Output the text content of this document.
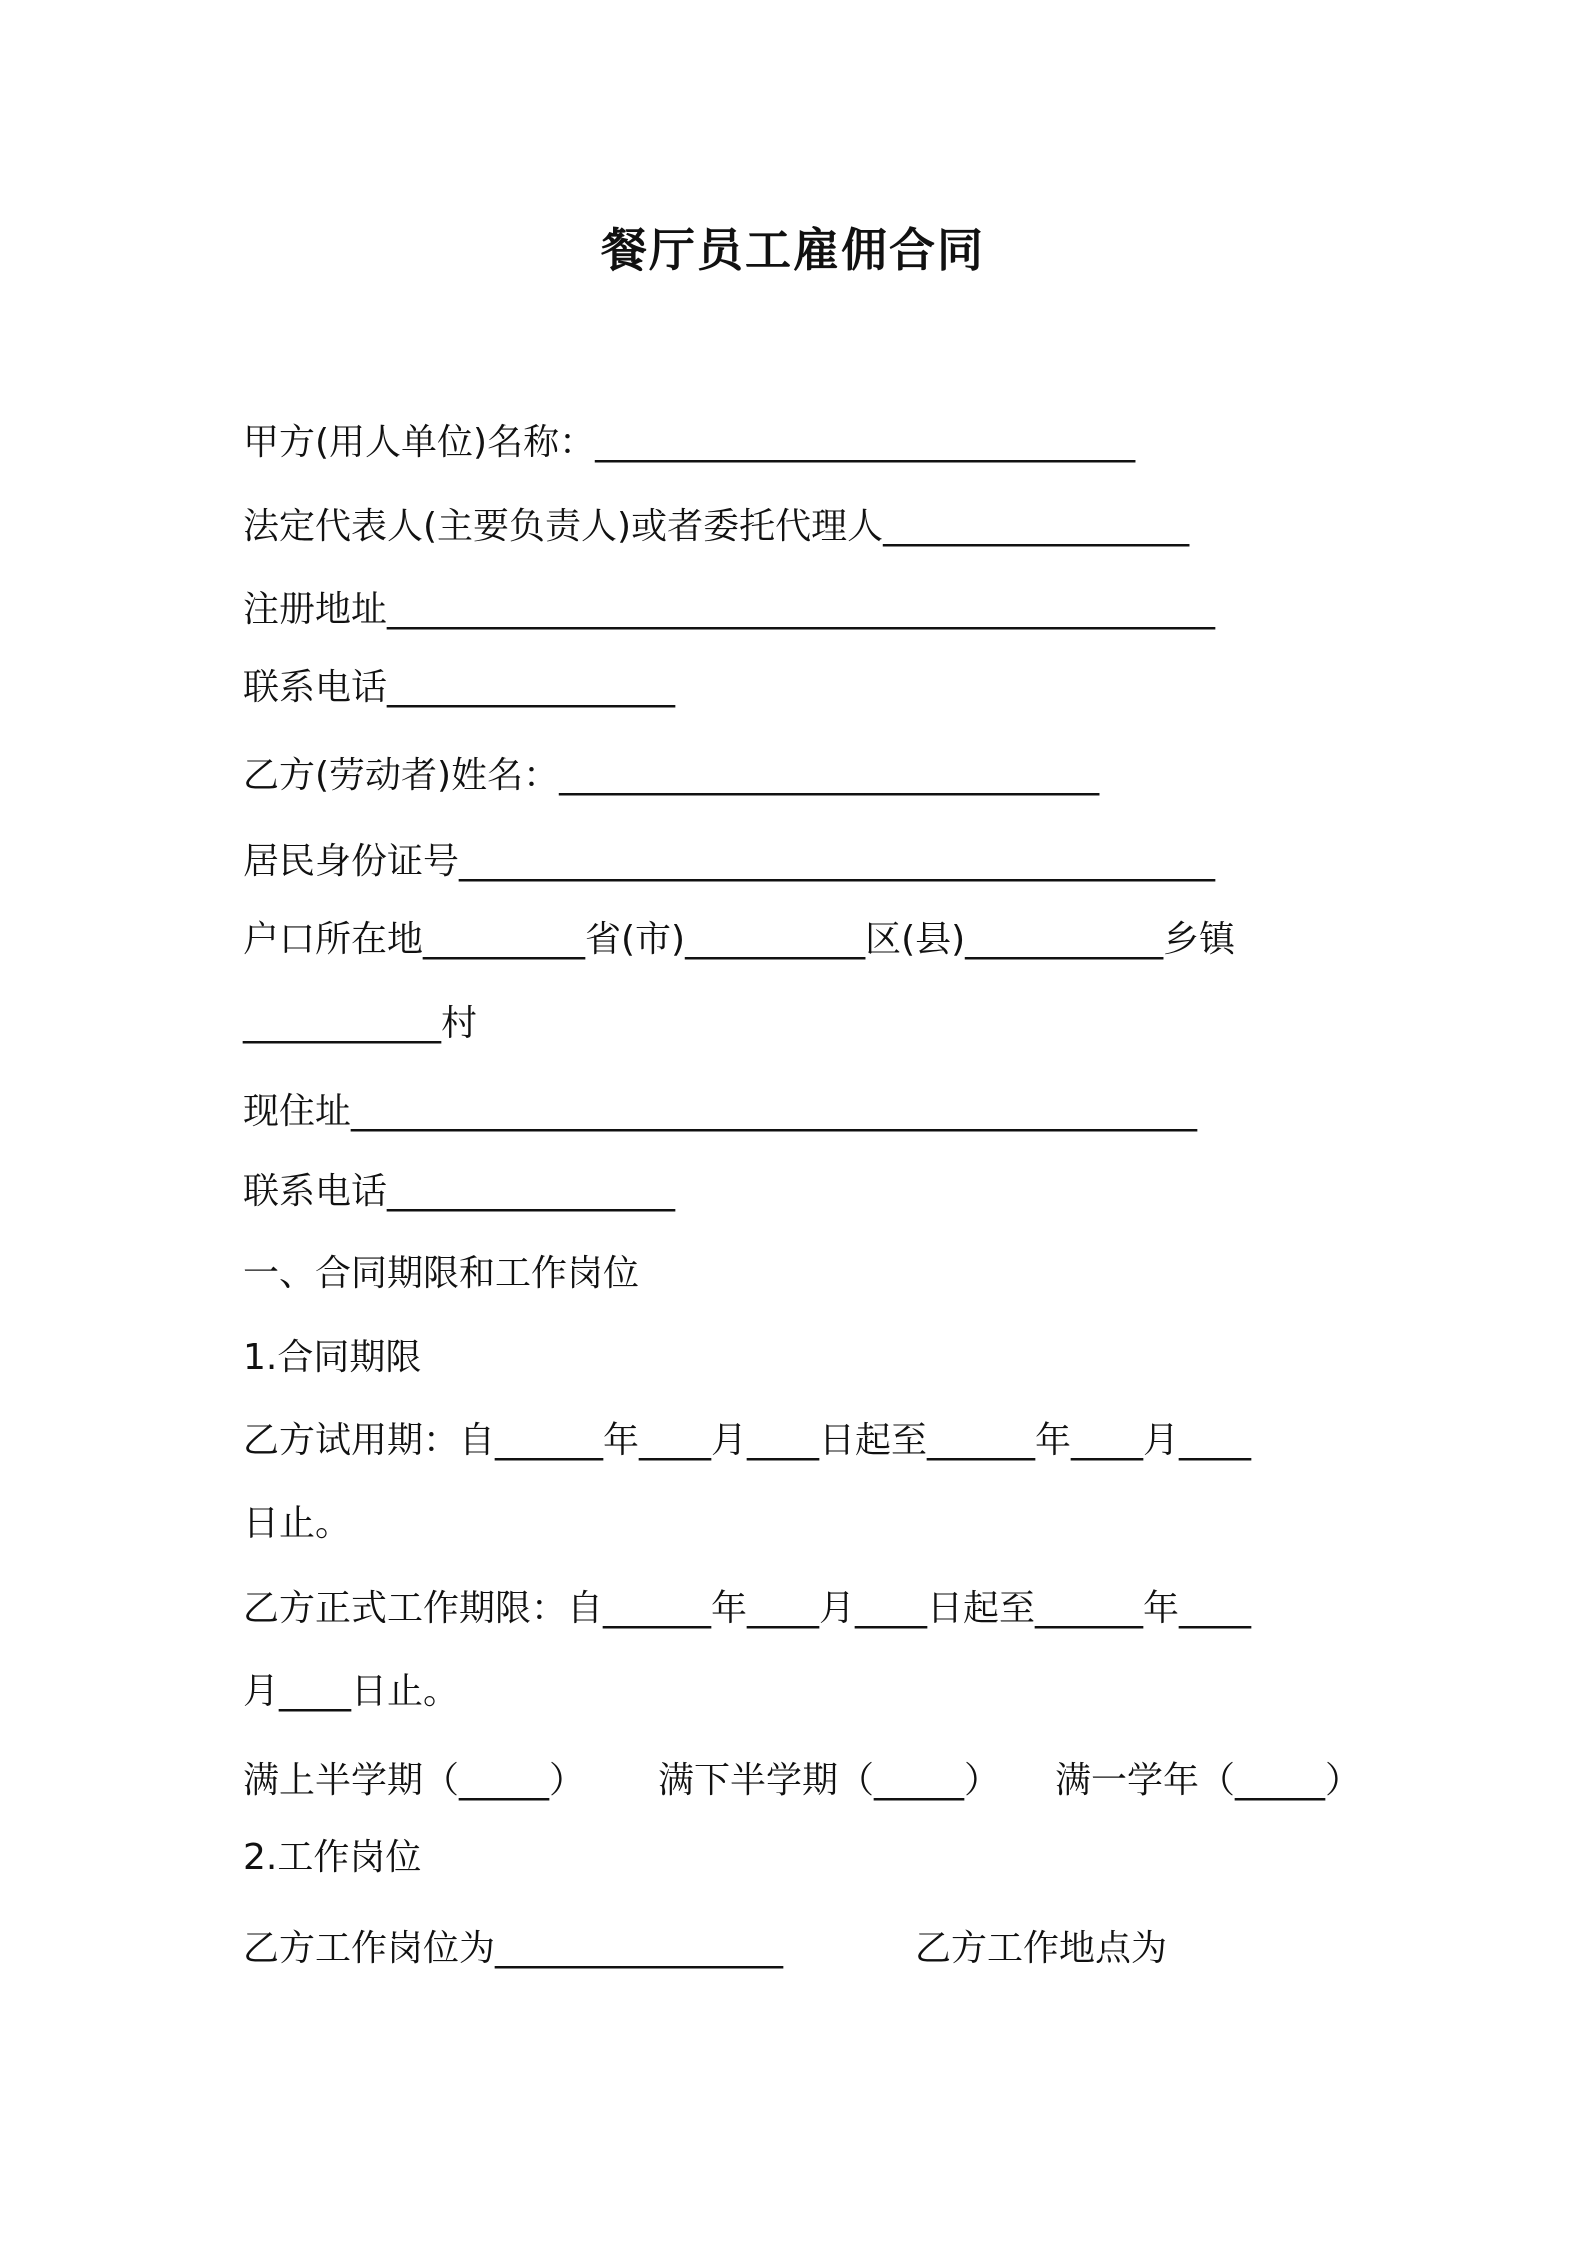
餐厅员工雇佣合同
甲方(用人单位)名称：______________________________
法定代表人(主要负责人)或者委托代理人_________________
注册地址______________________________________________
联系电话________________
乙方(劳动者)姓名：______________________________
居民身份证号__________________________________________
户口所在地_________省(市)__________区(县)___________乡镇
___________村
现住址_______________________________________________
联系电话________________
一、合同期限和工作岗位
1.合同期限
乙方试用期：自______年____月____日起至______年____月____
日止。
乙方正式工作期限：自______年____月____日起至______年____
月____日止。
满上半学期（_____） 满下半学期（_____） 满一学年（_____）
2.工作岗位
乙方工作岗位为________________	乙方工作地点为
